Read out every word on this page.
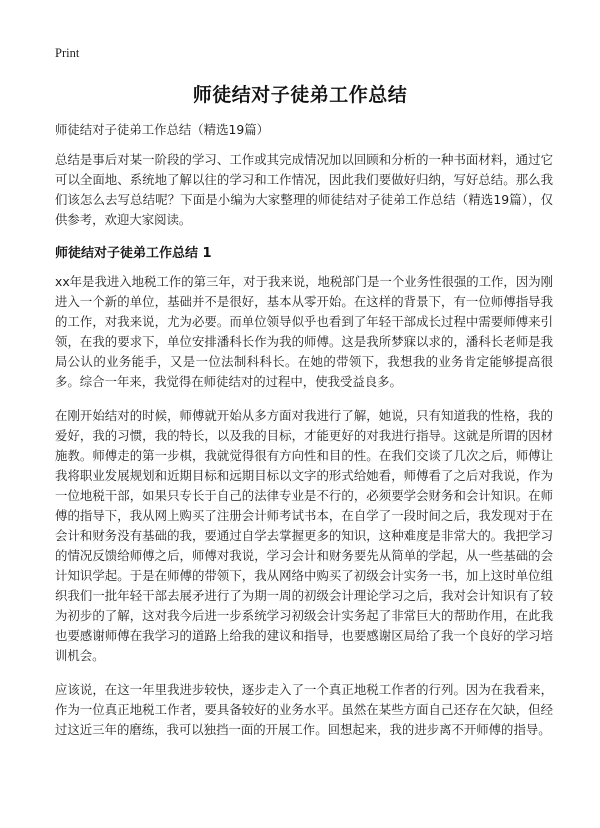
Print
师徒结对子徒弟工作总结

师徒结对子徒弟工作总结（精选19篇）

总结是事后对某一阶段的学习、工作或其完成情况加以回顾和分析的一种书面材料，通过它可以全面地、系统地了解以往的学习和工作情况，因此我们要做好归纳，写好总结。那么我们该怎么去写总结呢？下面是小编为大家整理的师徒结对子徒弟工作总结（精选19篇），仅供参考，欢迎大家阅读。

师徒结对子徒弟工作总结 1

xx年是我进入地税工作的第三年，对于我来说，地税部门是一个业务性很强的工作，因为刚进入一个新的单位，基础并不是很好，基本从零开始。在这样的背景下，有一位师傅指导我的工作，对我来说，尤为必要。而单位领导似乎也看到了年轻干部成长过程中需要师傅来引领，在我的要求下，单位安排潘科长作为我的师傅。这是我所梦寐以求的，潘科长老师是我局公认的业务能手，又是一位法制科科长。在她的带领下，我想我的业务肯定能够提高很多。综合一年来，我觉得在师徒结对的过程中，使我受益良多。

在刚开始结对的时候，师傅就开始从多方面对我进行了解，她说，只有知道我的性格，我的爱好，我的习惯，我的特长，以及我的目标，才能更好的对我进行指导。这就是所谓的因材施教。师傅走的第一步棋，我就觉得很有方向性和目的性。在我们交谈了几次之后，师傅让我将职业发展规划和近期目标和远期目标以文字的形式给她看，师傅看了之后对我说，作为一位地税干部，如果只专长于自己的法律专业是不行的，必须要学会财务和会计知识。在师傅的指导下，我从网上购买了注册会计师考试书本，在自学了一段时间之后，我发现对于在会计和财务没有基础的我，要通过自学去掌握更多的知识，这种难度是非常大的。我把学习的情况反馈给师傅之后，师傅对我说，学习会计和财务要先从简单的学起，从一些基础的会计知识学起。于是在师傅的带领下，我从网络中购买了初级会计实务一书，加上这时单位组织我们一批年轻干部去展矛进行了为期一周的初级会计理论学习之后，我对会计知识有了较为初步的了解，这对我今后进一步系统学习初级会计实务起了非常巨大的帮助作用，在此我也要感谢师傅在我学习的道路上给我的建议和指导，也要感谢区局给了我一个良好的学习培训机会。

应该说，在这一年里我进步较快，逐步走入了一个真正地税工作者的行列。因为在我看来，作为一位真正地税工作者，要具备较好的业务水平。虽然在某些方面自己还存在欠缺，但经过这近三年的磨练，我可以独挡一面的开展工作。回想起来，我的进步离不开师傅的指导。
